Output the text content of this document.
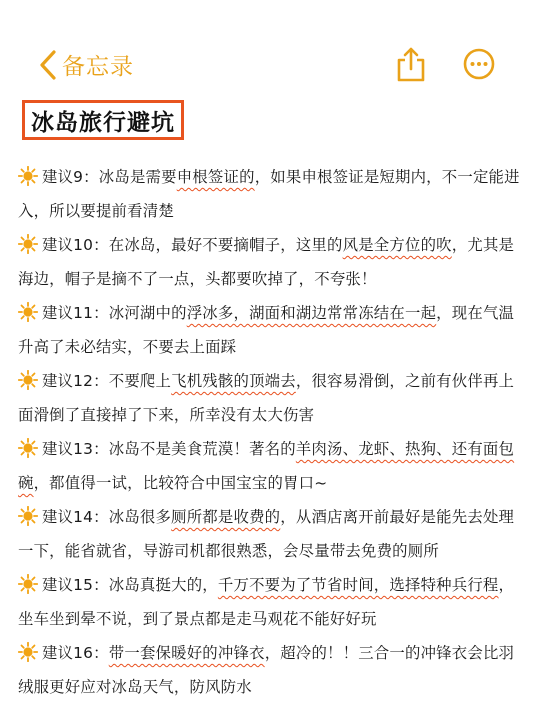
备忘录
冰岛旅行避坑
建议9：冰岛是需要申根签证的，如果申根签证是短期内，不一定能进入，所以要提前看清楚
建议10：在冰岛，最好不要摘帽子，这里的风是全方位的吹，尤其是海边，帽子是摘不了一点，头都要吹掉了，不夸张！
建议11：冰河湖中的浮冰多，湖面和湖边常常冻结在一起，现在气温升高了未必结实，不要去上面踩
建议12：不要爬上飞机残骸的顶端去，很容易滑倒，之前有伙伴再上面滑倒了直接掉了下来，所幸没有太大伤害
建议13：冰岛不是美食荒漠！著名的羊肉汤、龙虾、热狗、还有面包碗，都值得一试，比较符合中国宝宝的胃口~
建议14：冰岛很多厕所都是收费的，从酒店离开前最好是能先去处理一下，能省就省，导游司机都很熟悉，会尽量带去免费的厕所
建议15：冰岛真挺大的，千万不要为了节省时间，选择特种兵行程，坐车坐到晕不说，到了景点都是走马观花不能好好玩
建议16：带一套保暖好的冲锋衣，超冷的！！三合一的冲锋衣会比羽绒服更好应对冰岛天气，防风防水
